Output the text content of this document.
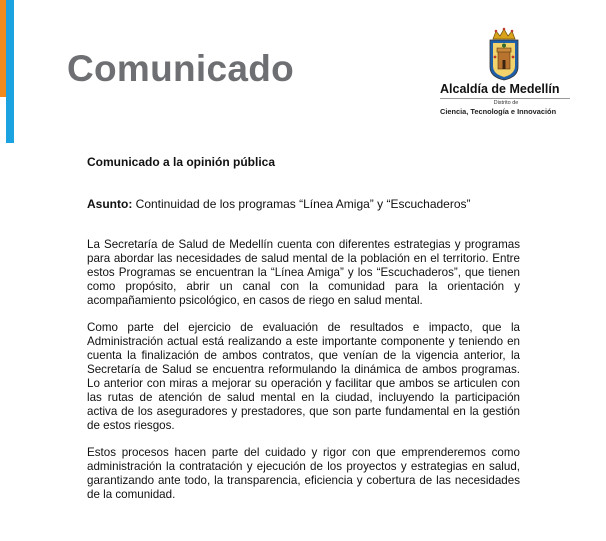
Comunicado	Alcaldía de Medellín
Distrito de
Ciencia, Tecnología e Innovación
Comunicado a la opinión pública
Asunto: Continuidad de los programas “Línea Amiga” y “Escuchaderos”

La Secretaría de Salud de Medellín cuenta con diferentes estrategias y programas para abordar las necesidades de salud mental de la población en el territorio. Entre estos Programas se encuentran la “Línea Amiga” y los “Escuchaderos”, que tienen como propósito, abrir un canal con la comunidad para la orientación y acompañamiento psicológico, en casos de riego en salud mental.

Como parte del ejercicio de evaluación de resultados e impacto, que la Administración actual está realizando a este importante componente y teniendo en cuenta la finalización de ambos contratos, que venían de la vigencia anterior, la Secretaría de Salud se encuentra reformulando la dinámica de ambos programas. Lo anterior con miras a mejorar su operación y facilitar que ambos se articulen con las rutas de atención de salud mental en la ciudad, incluyendo la participación activa de los aseguradores y prestadores, que son parte fundamental en la gestión de estos riesgos.

Estos procesos hacen parte del cuidado y rigor con que emprenderemos como administración la contratación y ejecución de los proyectos y estrategias en salud, garantizando ante todo, la transparencia, eficiencia y cobertura de las necesidades de la comunidad.
